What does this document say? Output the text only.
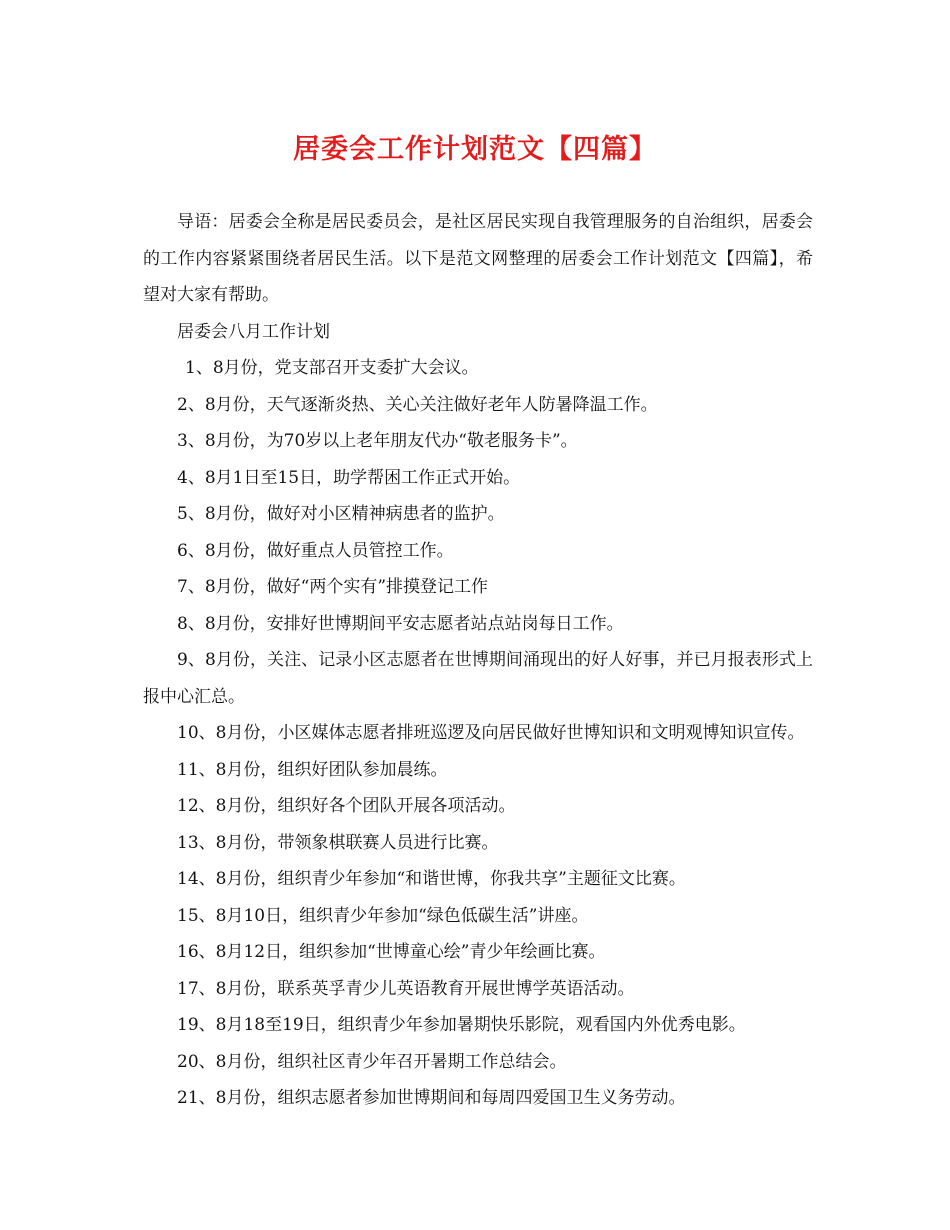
居委会工作计划范文【四篇】

导语：居委会全称是居民委员会，是社区居民实现自我管理服务的自治组织，居委会的工作内容紧紧围绕者居民生活。以下是范文网整理的居委会工作计划范文【四篇】，希望对大家有帮助。

居委会八月工作计划

1、8月份，党支部召开支委扩大会议。

2、8月份，天气逐渐炎热、关心关注做好老年人防暑降温工作。

3、8月份，为70岁以上老年朋友代办“敬老服务卡”。

4、8月1日至15日，助学帮困工作正式开始。

5、8月份，做好对小区精神病患者的监护。

6、8月份，做好重点人员管控工作。

7、8月份，做好“两个实有”排摸登记工作

8、8月份，安排好世博期间平安志愿者站点站岗每日工作。

9、8月份，关注、记录小区志愿者在世博期间涌现出的好人好事，并已月报表形式上报中心汇总。

10、8月份，小区媒体志愿者排班巡逻及向居民做好世博知识和文明观博知识宣传。

11、8月份，组织好团队参加晨练。

12、8月份，组织好各个团队开展各项活动。

13、8月份，带领象棋联赛人员进行比赛。

14、8月份，组织青少年参加“和谐世博，你我共享”主题征文比赛。

15、8月10日，组织青少年参加“绿色低碳生活”讲座。

16、8月12日，组织参加“世博童心绘”青少年绘画比赛。

17、8月份，联系英孚青少儿英语教育开展世博学英语活动。

19、8月18至19日，组织青少年参加暑期快乐影院，观看国内外优秀电影。

20、8月份，组织社区青少年召开暑期工作总结会。

21、8月份，组织志愿者参加世博期间和每周四爱国卫生义务劳动。
